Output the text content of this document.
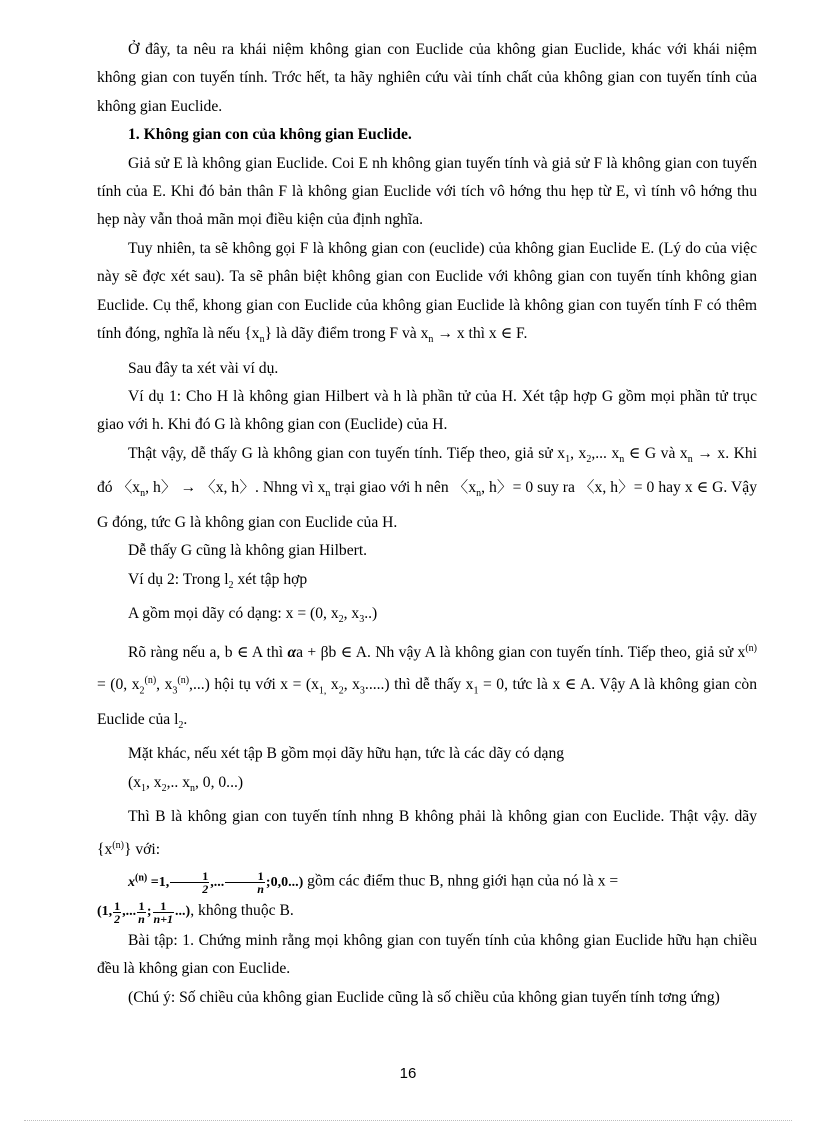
Ở đây, ta nêu ra khái niệm không gian con Euclide của không gian Euclide, khác với khái niệm không gian con tuyến tính. Trớc hết, ta hãy nghiên cứu vài tính chất của không gian con tuyến tính của không gian Euclide.

1. Không gian con của không gian Euclide.

Giả sử E là không gian Euclide. Coi E nh không gian tuyến tính và giả sử F là không gian con tuyến tính của E. Khi đó bản thân F là không gian Euclide với tích vô hớng thu hẹp từ E, vì tính vô hớng thu hẹp này vẫn thoả mãn mọi điều kiện của định nghĩa.

Tuy nhiên, ta sẽ không gọi F là không gian con (euclide) của không gian Euclide E. (Lý do của việc này sẽ đợc xét sau). Ta sẽ phân biệt không gian con Euclide với không gian con tuyến tính không gian Euclide. Cụ thể, khong gian con Euclide của không gian Euclide là không gian con tuyến tính F có thêm tính đóng, nghĩa là nếu $\{x_n\}$ là dãy điểm trong F và $x_n \to x$ thì x ∈ F.

Sau đây ta xét vài ví dụ.

Ví dụ 1: Cho H là không gian Hilbert và h là phần tử của H. Xét tập hợp G gồm mọi phần tử trục giao với h. Khi đó G là không gian con (Euclide) của H.

Thật vậy, dễ thấy G là không gian con tuyến tính. Tiếp theo, giả sử $x_1$, $x_2$,... $x_n$ ∈ G và $x_n \to x$. Khi đó 〈$x_n$, h〉 → 〈x, h〉. Nhng vì $x_n$ trại giao với h nên 〈$x_n$, h〉= 0 suy ra 〈x, h〉= 0 hay x ∈ G. Vậy G đóng, tức G là không gian con Euclide của H.

Dễ thấy G cũng là không gian Hilbert.

Ví dụ 2: Trong $l_2$ xét tập hợp

A gồm mọi dãy có dạng: x = (0, $x_2$, $x_3$..)

Rõ ràng nếu a, b ∈ A thì αa + βb ∈ A. Nh vậy A là không gian con tuyến tính. Tiếp theo, giả sử $x^{(n)} = (0$, $x_2^{(n)}$, $x_3^{(n)}$,...) hội tụ với $x = (x_{1,}$ $x_2$, $x_3$.....) thì dễ thấy $x_1 = 0$, tức là x ∈ A. Vậy A là không gian còn Euclide của $l_2$.

Mặt khác, nếu xét tập B gồm mọi dãy hữu hạn, tức là các dãy có dạng

($x_1$, $x_2$,.. $x_n$, 0, 0...)

Thì B là không gian con tuyến tính nhng B không phải là không gian con Euclide. Thật vậy. dãy $\{x^{(n)}\}$ với:

$x^{(n)} =1$, $\frac{1}{2}$ ,... $\frac{1}{n}$ ;0,0...) gồm các điểm thuc B, nhng giới hạn của nó là x =

(1, $\frac{1}{2}$ ,... $\frac{1}{n}$ ; $\frac{1}{n+1}$ ...), không thuộc B.

Bài tập: 1. Chứng minh rằng mọi không gian con tuyến tính của không gian Euclide hữu hạn chiều đều là không gian con Euclide.

(Chú ý: Số chiều của không gian Euclide cũng là số chiều của không gian tuyến tính tơng ứng)

16
